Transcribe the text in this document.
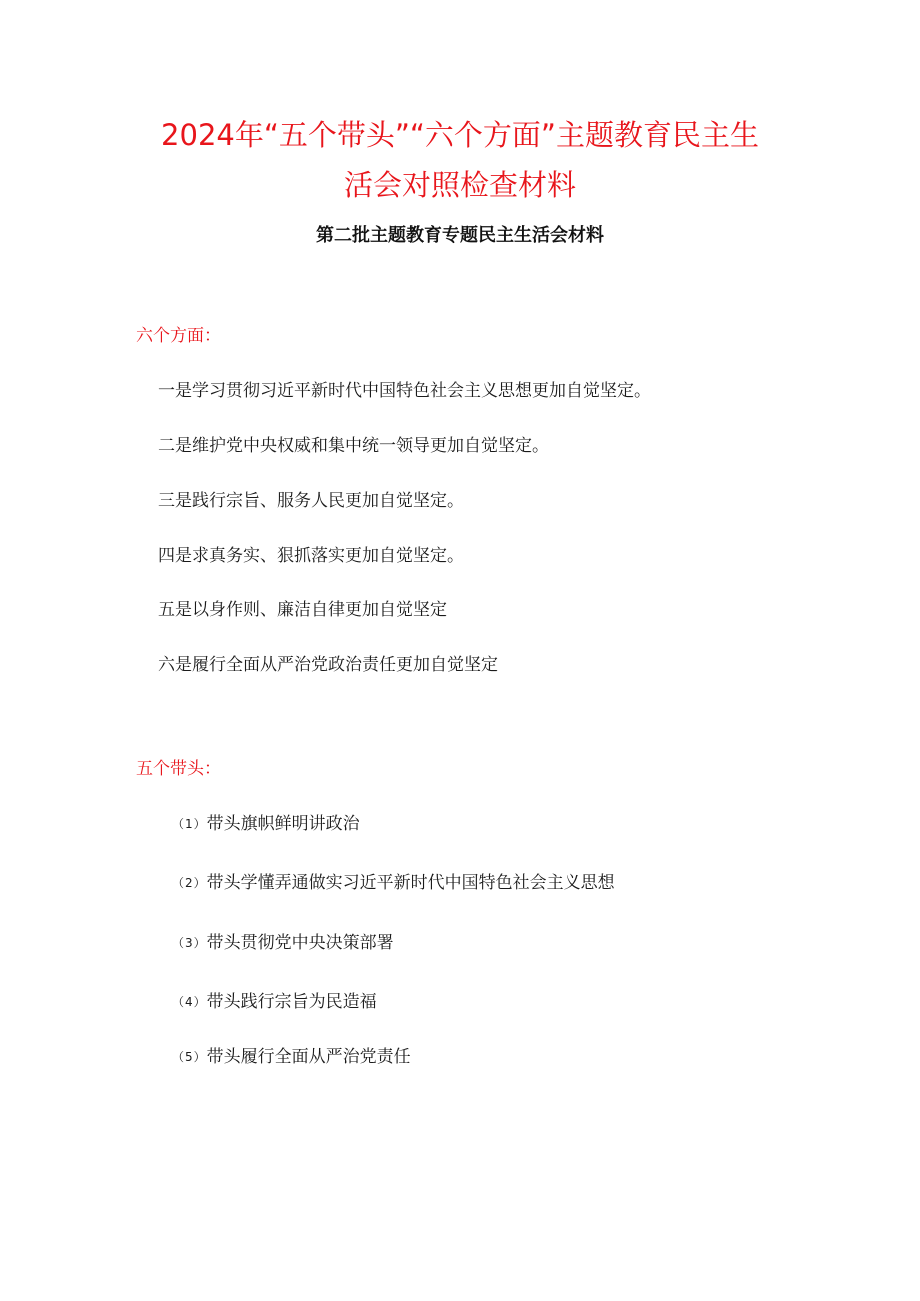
2024年“五个带头”“六个方面”主题教育民主生
活会对照检查材料

第二批主题教育专题民主生活会材料

六个方面：

一是学习贯彻习近平新时代中国特色社会主义思想更加自觉坚定。
二是维护党中央权威和集中统一领导更加自觉坚定。
三是践行宗旨、服务人民更加自觉坚定。
四是求真务实、狠抓落实更加自觉坚定。
五是以身作则、廉洁自律更加自觉坚定
六是履行全面从严治党政治责任更加自觉坚定

五个带头：

（1）带头旗帜鲜明讲政治
（2）带头学懂弄通做实习近平新时代中国特色社会主义思想
（3）带头贯彻党中央决策部署
（4）带头践行宗旨为民造福
（5）带头履行全面从严治党责任
